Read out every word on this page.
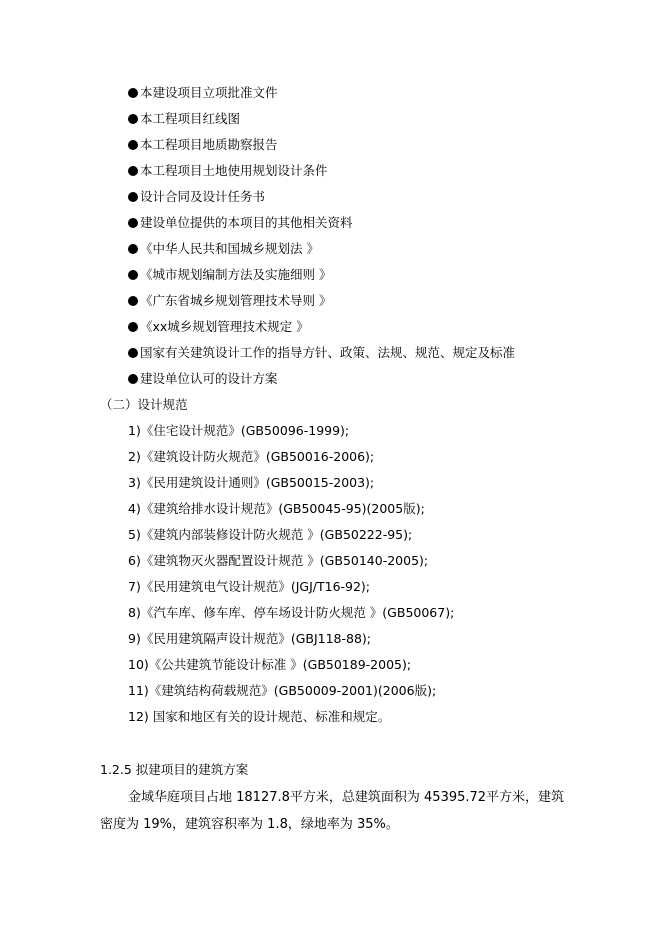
本建设项目立项批准文件
本工程项目红线图
本工程项目地质勘察报告
本工程项目土地使用规划设计条件
设计合同及设计任务书
建设单位提供的本项目的其他相关资料
《中华人民共和国城乡规划法 》
《城市规划编制方法及实施细则 》
《广东省城乡规划管理技术导则 》
《xx城乡规划管理技术规定 》
国家有关建筑设计工作的指导方针、政策、法规、规范、规定及标准
建设单位认可的设计方案
（二）设计规范
1)《住宅设计规范》(GB50096-1999);
2)《建筑设计防火规范》(GB50016-2006);
3)《民用建筑设计通则》(GB50015-2003);
4)《建筑给排水设计规范》(GB50045-95)(2005版);
5)《建筑内部装修设计防火规范 》(GB50222-95);
6)《建筑物灭火器配置设计规范 》(GB50140-2005);
7)《民用建筑电气设计规范》(JGJ/T16-92);
8)《汽车库、修车库、停车场设计防火规范 》(GB50067);
9)《民用建筑隔声设计规范》(GBJ118-88);
10)《公共建筑节能设计标准 》(GB50189-2005);
11)《建筑结构荷载规范》(GB50009-2001)(2006版);
12) 国家和地区有关的设计规范、标准和规定。
1.2.5 拟建项目的建筑方案
金域华庭项目占地 18127.8平方米，总建筑面积为 45395.72平方米，建筑密度为 19%，建筑容积率为 1.8，绿地率为 35%。
